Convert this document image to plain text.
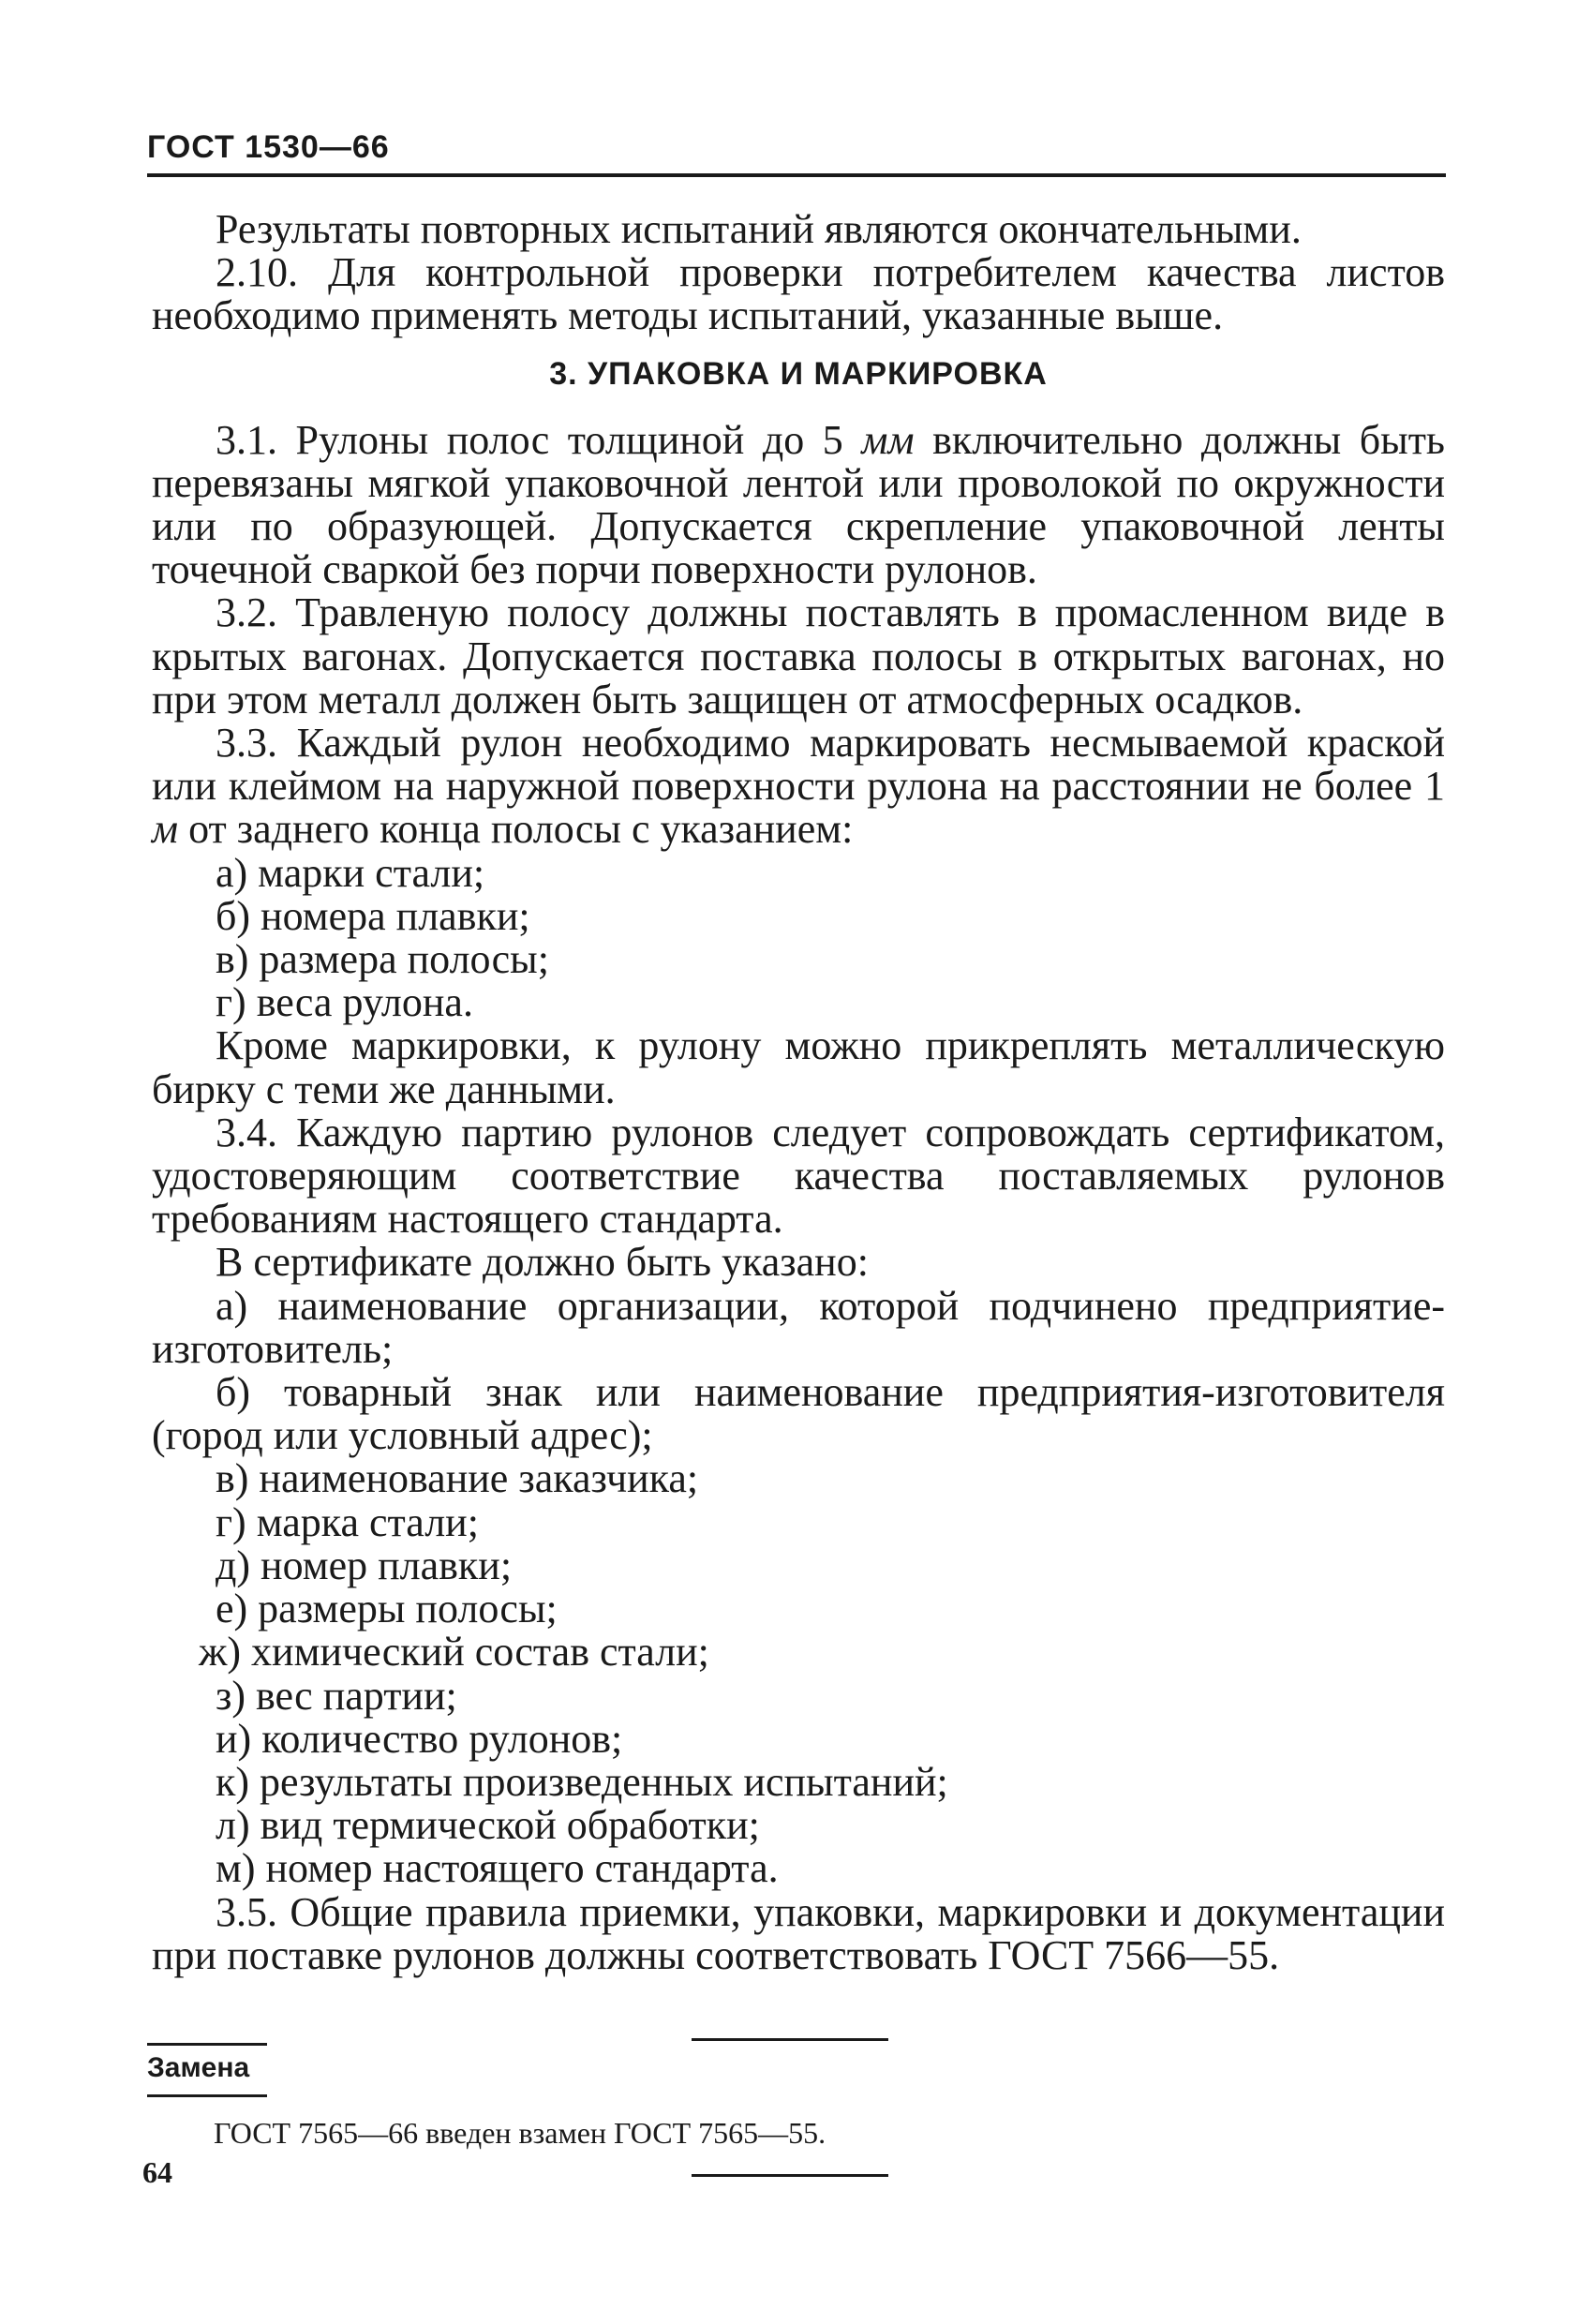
ГОСТ 1530—66

Результаты повторных испытаний являются окончательными.

2.10. Для контрольной проверки потребителем качества листов необходимо применять методы испытаний, указанные выше.

3. УПАКОВКА И МАРКИРОВКА

3.1. Рулоны полос толщиной до 5 мм включительно должны быть перевязаны мягкой упаковочной лентой или проволокой по окружности или по образующей. Допускается скрепление упаковочной ленты точечной сваркой без порчи поверхности рулонов.

3.2. Травленую полосу должны поставлять в промасленном виде в крытых вагонах. Допускается поставка полосы в открытых вагонах, но при этом металл должен быть защищен от атмосферных осадков.

3.3. Каждый рулон необходимо маркировать несмываемой краской или клеймом на наружной поверхности рулона на расстоянии не более 1 м от заднего конца полосы с указанием:

а) марки стали;

б) номера плавки;

в) размера полосы;

г) веса рулона.

Кроме маркировки, к рулону можно прикреплять металлическую бирку с теми же данными.

3.4. Каждую партию рулонов следует сопровождать сертификатом, удостоверяющим соответствие качества поставляемых рулонов требованиям настоящего стандарта.

В сертификате должно быть указано:

а) наименование организации, которой подчинено предприятие-изготовитель;

б) товарный знак или наименование предприятия-изготовителя (город или условный адрес);

в) наименование заказчика;

г) марка стали;

д) номер плавки;

е) размеры полосы;

ж) химический состав стали;

з) вес партии;

и) количество рулонов;

к) результаты произведенных испытаний;

л) вид термической обработки;

м) номер настоящего стандарта.

3.5. Общие правила приемки, упаковки, маркировки и документации при поставке рулонов должны соответствовать ГОСТ 7566—55.

Замена
ГОСТ 7565—66 введен взамен ГОСТ 7565—55.
64
